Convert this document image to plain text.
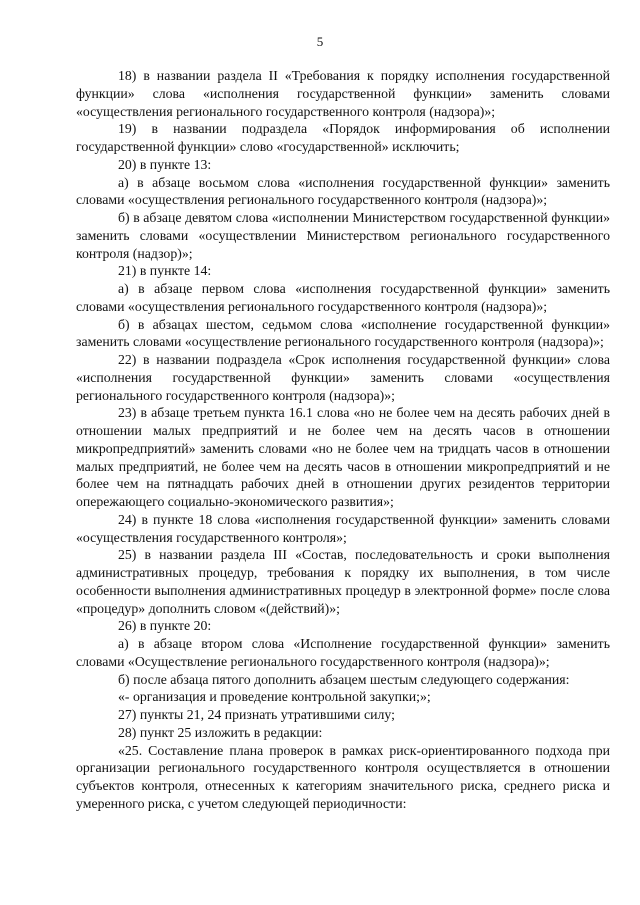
5

18) в названии раздела II «Требования к порядку исполнения государственной функции» слова «исполнения государственной функции» заменить словами «осуществления регионального государственного контроля (надзора)»;

19) в названии подраздела «Порядок информирования об исполнении государственной функции» слово «государственной» исключить;

20) в пункте 13:

а) в абзаце восьмом слова «исполнения государственной функции» заменить словами «осуществления регионального государственного контроля (надзора)»;

б) в абзаце девятом слова «исполнении Министерством государственной функции» заменить словами «осуществлении Министерством регионального государственного контроля (надзор)»;

21) в пункте 14:

а) в абзаце первом слова «исполнения государственной функции» заменить словами «осуществления регионального государственного контроля (надзора)»;

б) в абзацах шестом, седьмом слова «исполнение государственной функции» заменить словами «осуществление регионального государственного контроля (надзора)»;

22) в названии подраздела «Срок исполнения государственной функции» слова «исполнения государственной функции» заменить словами «осуществления регионального государственного контроля (надзора)»;

23) в абзаце третьем пункта 16.1 слова «но не более чем на десять рабочих дней в отношении малых предприятий и не более чем на десять часов в отношении микропредприятий» заменить словами «но не более чем на тридцать часов в отношении малых предприятий, не более чем на десять часов в отношении микропредприятий и не более чем на пятнадцать рабочих дней в отношении других резидентов территории опережающего социально-экономического развития»;

24) в пункте 18 слова «исполнения государственной функции» заменить словами «осуществления государственного контроля»;

25) в названии раздела III «Состав, последовательность и сроки выполнения административных процедур, требования к порядку их выполнения, в том числе особенности выполнения административных процедур в электронной форме» после слова «процедур» дополнить словом «(действий)»;

26) в пункте 20:

а) в абзаце втором слова «Исполнение государственной функции» заменить словами «Осуществление регионального государственного контроля (надзора)»;

б) после абзаца пятого дополнить абзацем шестым следующего содержания:

«- организация и проведение контрольной закупки;»;

27) пункты 21, 24 признать утратившими силу;

28) пункт 25 изложить в редакции:

«25. Составление плана проверок в рамках риск-ориентированного подхода при организации регионального государственного контроля осуществляется в отношении субъектов контроля, отнесенных к категориям значительного риска, среднего риска и умеренного риска, с учетом следующей периодичности:
